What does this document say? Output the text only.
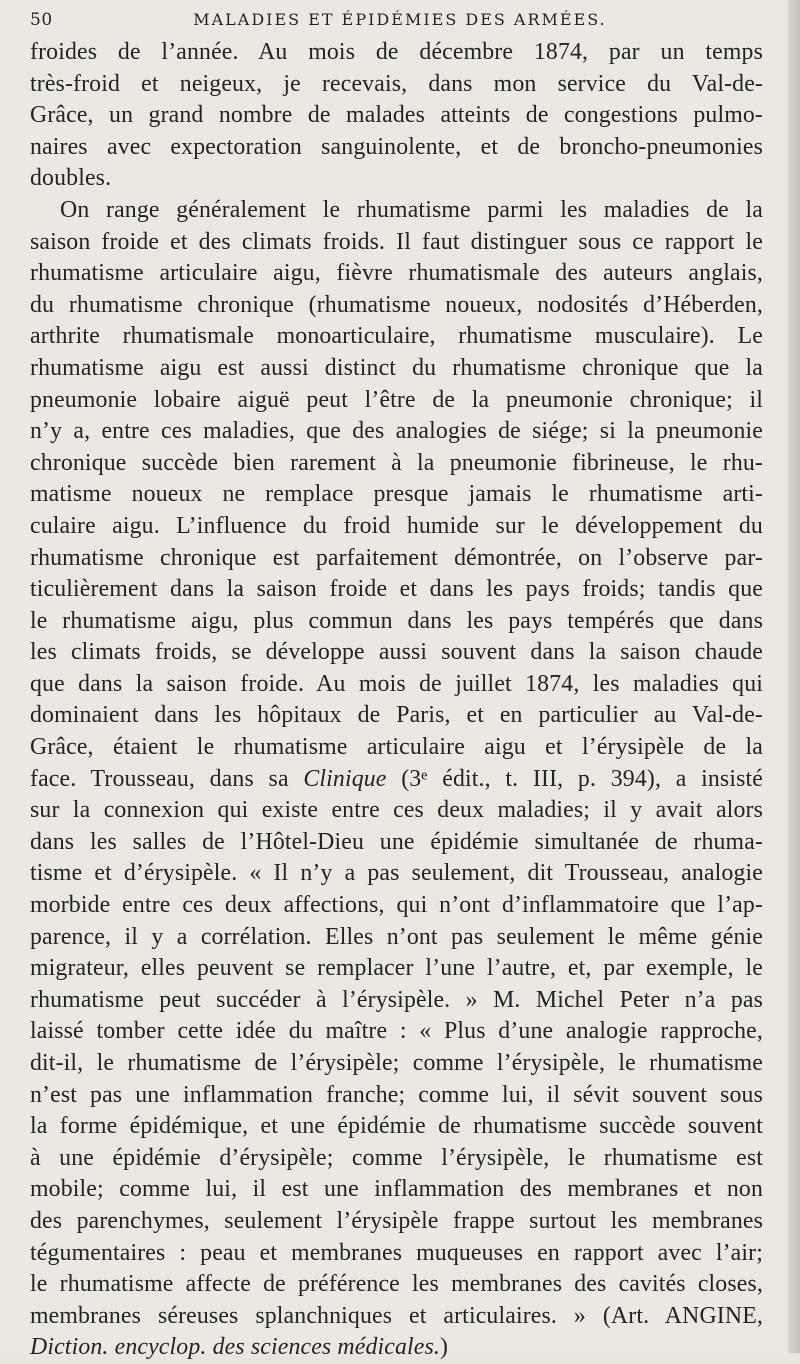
50	MALADIES ET ÉPIDÉMIES DES ARMÉES.

froides de l’année. Au mois de décembre 1874, par un temps
très-froid et neigeux, je recevais, dans mon service du Val-de-
Grâce, un grand nombre de malades atteints de congestions pulmo-
naires avec expectoration sanguinolente, et de broncho-pneumonies
doubles.

On range généralement le rhumatisme parmi les maladies de la
saison froide et des climats froids. Il faut distinguer sous ce rapport le
rhumatisme articulaire aigu, fièvre rhumatismale des auteurs anglais,
du rhumatisme chronique (rhumatisme noueux, nodosités d’Héberden,
arthrite rhumatismale monoarticulaire, rhumatisme musculaire). Le
rhumatisme aigu est aussi distinct du rhumatisme chronique que la
pneumonie lobaire aiguë peut l’être de la pneumonie chronique; il
n’y a, entre ces maladies, que des analogies de siége; si la pneumonie
chronique succède bien rarement à la pneumonie fibrineuse, le rhu-
matisme noueux ne remplace presque jamais le rhumatisme arti-
culaire aigu. L’influence du froid humide sur le développement du
rhumatisme chronique est parfaitement démontrée, on l’observe par-
ticulièrement dans la saison froide et dans les pays froids; tandis que
le rhumatisme aigu, plus commun dans les pays tempérés que dans
les climats froids, se développe aussi souvent dans la saison chaude
que dans la saison froide. Au mois de juillet 1874, les maladies qui
dominaient dans les hôpitaux de Paris, et en particulier au Val-de-
Grâce, étaient le rhumatisme articulaire aigu et l’érysipèle de la
face. Trousseau, dans sa Clinique (3ᵉ édit., t. III, p. 394), a insisté
sur la connexion qui existe entre ces deux maladies; il y avait alors
dans les salles de l’Hôtel-Dieu une épidémie simultanée de rhuma-
tisme et d’érysipèle. « Il n’y a pas seulement, dit Trousseau, analogie
morbide entre ces deux affections, qui n’ont d’inflammatoire que l’ap-
parence, il y a corrélation. Elles n’ont pas seulement le même génie
migrateur, elles peuvent se remplacer l’une l’autre, et, par exemple, le
rhumatisme peut succéder à l’érysipèle. » M. Michel Peter n’a pas
laissé tomber cette idée du maître : « Plus d’une analogie rapproche,
dit-il, le rhumatisme de l’érysipèle; comme l’érysipèle, le rhumatisme
n’est pas une inflammation franche; comme lui, il sévit souvent sous
la forme épidémique, et une épidémie de rhumatisme succède souvent
à une épidémie d’érysipèle; comme l’érysipèle, le rhumatisme est
mobile; comme lui, il est une inflammation des membranes et non
des parenchymes, seulement l’érysipèle frappe surtout les membranes
tégumentaires : peau et membranes muqueuses en rapport avec l’air;
le rhumatisme affecte de préférence les membranes des cavités closes,
membranes séreuses splanchniques et articulaires. » (Art. ANGINE,
Diction. encyclop. des sciences médicales.)
